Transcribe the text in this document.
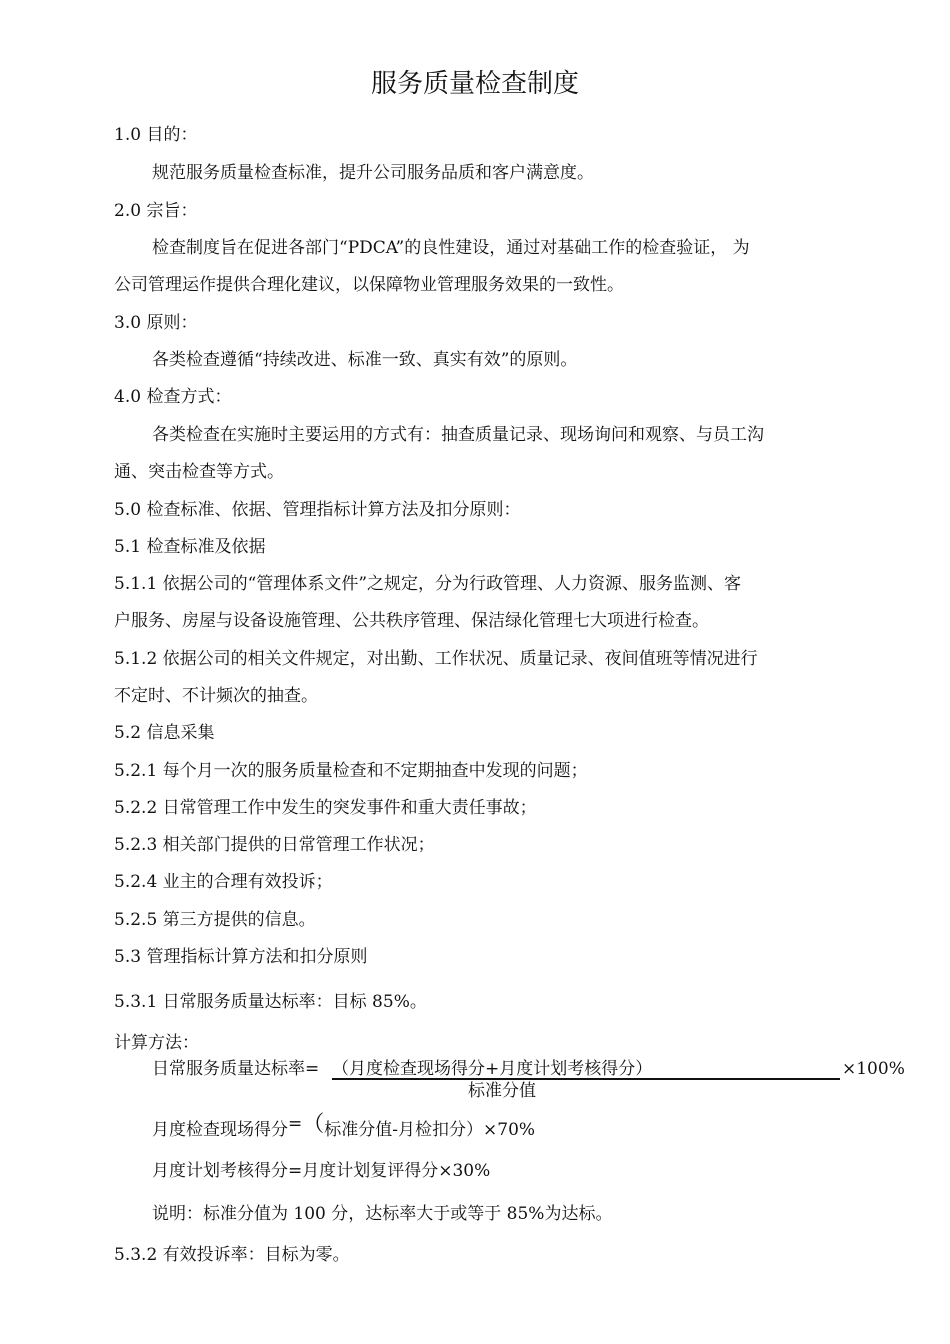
服务质量检查制度
1.0 目的：
规范服务质量检查标准，提升公司服务品质和客户满意度。
2.0 宗旨：
检查制度旨在促进各部门“PDCA”的良性建设，通过对基础工作的检查验证， 为
公司管理运作提供合理化建议，以保障物业管理服务效果的一致性。
3.0 原则：
各类检查遵循“持续改进、标准一致、真实有效”的原则。
4.0 检查方式：
各类检查在实施时主要运用的方式有：抽查质量记录、现场询问和观察、与员工沟
通、突击检查等方式。
5.0 检查标准、依据、管理指标计算方法及扣分原则：
5.1 检查标准及依据
5.1.1 依据公司的“管理体系文件”之规定，分为行政管理、人力资源、服务监测、客
户服务、房屋与设备设施管理、公共秩序管理、保洁绿化管理七大项进行检查。
5.1.2 依据公司的相关文件规定，对出勤、工作状况、质量记录、夜间值班等情况进行
不定时、不计频次的抽查。
5.2 信息采集
5.2.1 每个月一次的服务质量检查和不定期抽查中发现的问题；
5.2.2 日常管理工作中发生的突发事件和重大责任事故；
5.2.3 相关部门提供的日常管理工作状况；
5.2.4 业主的合理有效投诉；
5.2.5 第三方提供的信息。
5.3 管理指标计算方法和扣分原则
5.3.1 日常服务质量达标率：目标 85%。
计算方法：
日常服务质量达标率= （月度检查现场得分+月度计划考核得分）
标准分值
×100%
月度检查现场得分=（标准分值-月检扣分）×70%
月度计划考核得分=月度计划复评得分×30%
说明：标准分值为 100 分，达标率大于或等于 85%为达标。
5.3.2 有效投诉率：目标为零。
